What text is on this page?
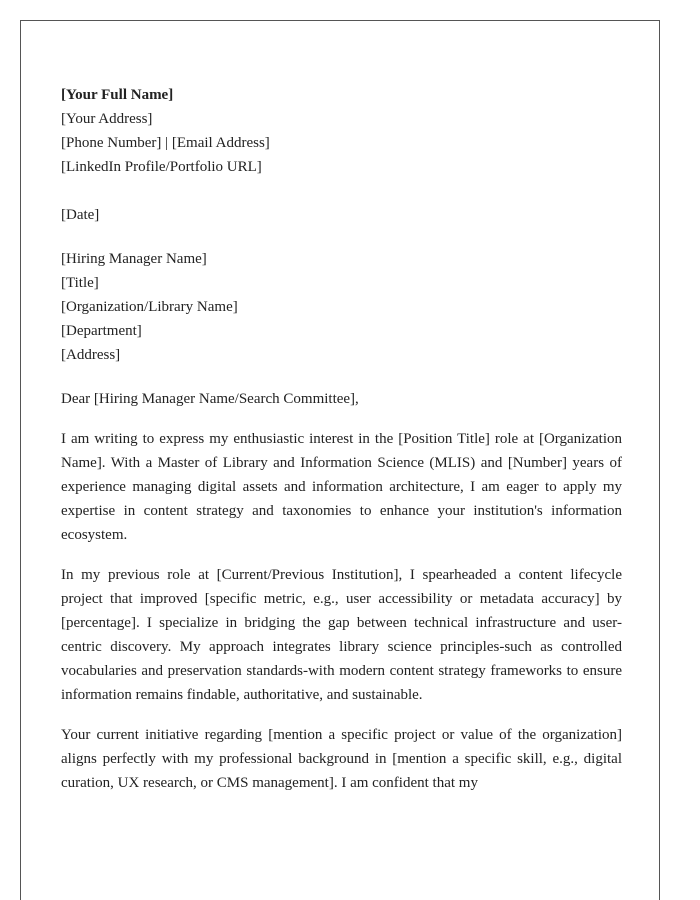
[Your Full Name]
[Your Address]
[Phone Number] | [Email Address]
[LinkedIn Profile/Portfolio URL]
[Date]
[Hiring Manager Name]
[Title]
[Organization/Library Name]
[Department]
[Address]
Dear [Hiring Manager Name/Search Committee],

I am writing to express my enthusiastic interest in the [Position Title] role at [Organization Name]. With a Master of Library and Information Science (MLIS) and [Number] years of experience managing digital assets and information architecture, I am eager to apply my expertise in content strategy and taxonomies to enhance your institution's information ecosystem.

In my previous role at [Current/Previous Institution], I spearheaded a content lifecycle project that improved [specific metric, e.g., user accessibility or metadata accuracy] by [percentage]. I specialize in bridging the gap between technical infrastructure and user-centric discovery. My approach integrates library science principles-such as controlled vocabularies and preservation standards-with modern content strategy frameworks to ensure information remains findable, authoritative, and sustainable.

Your current initiative regarding [mention a specific project or value of the organization] aligns perfectly with my professional background in [mention a specific skill, e.g., digital curation, UX research, or CMS management]. I am confident that my
